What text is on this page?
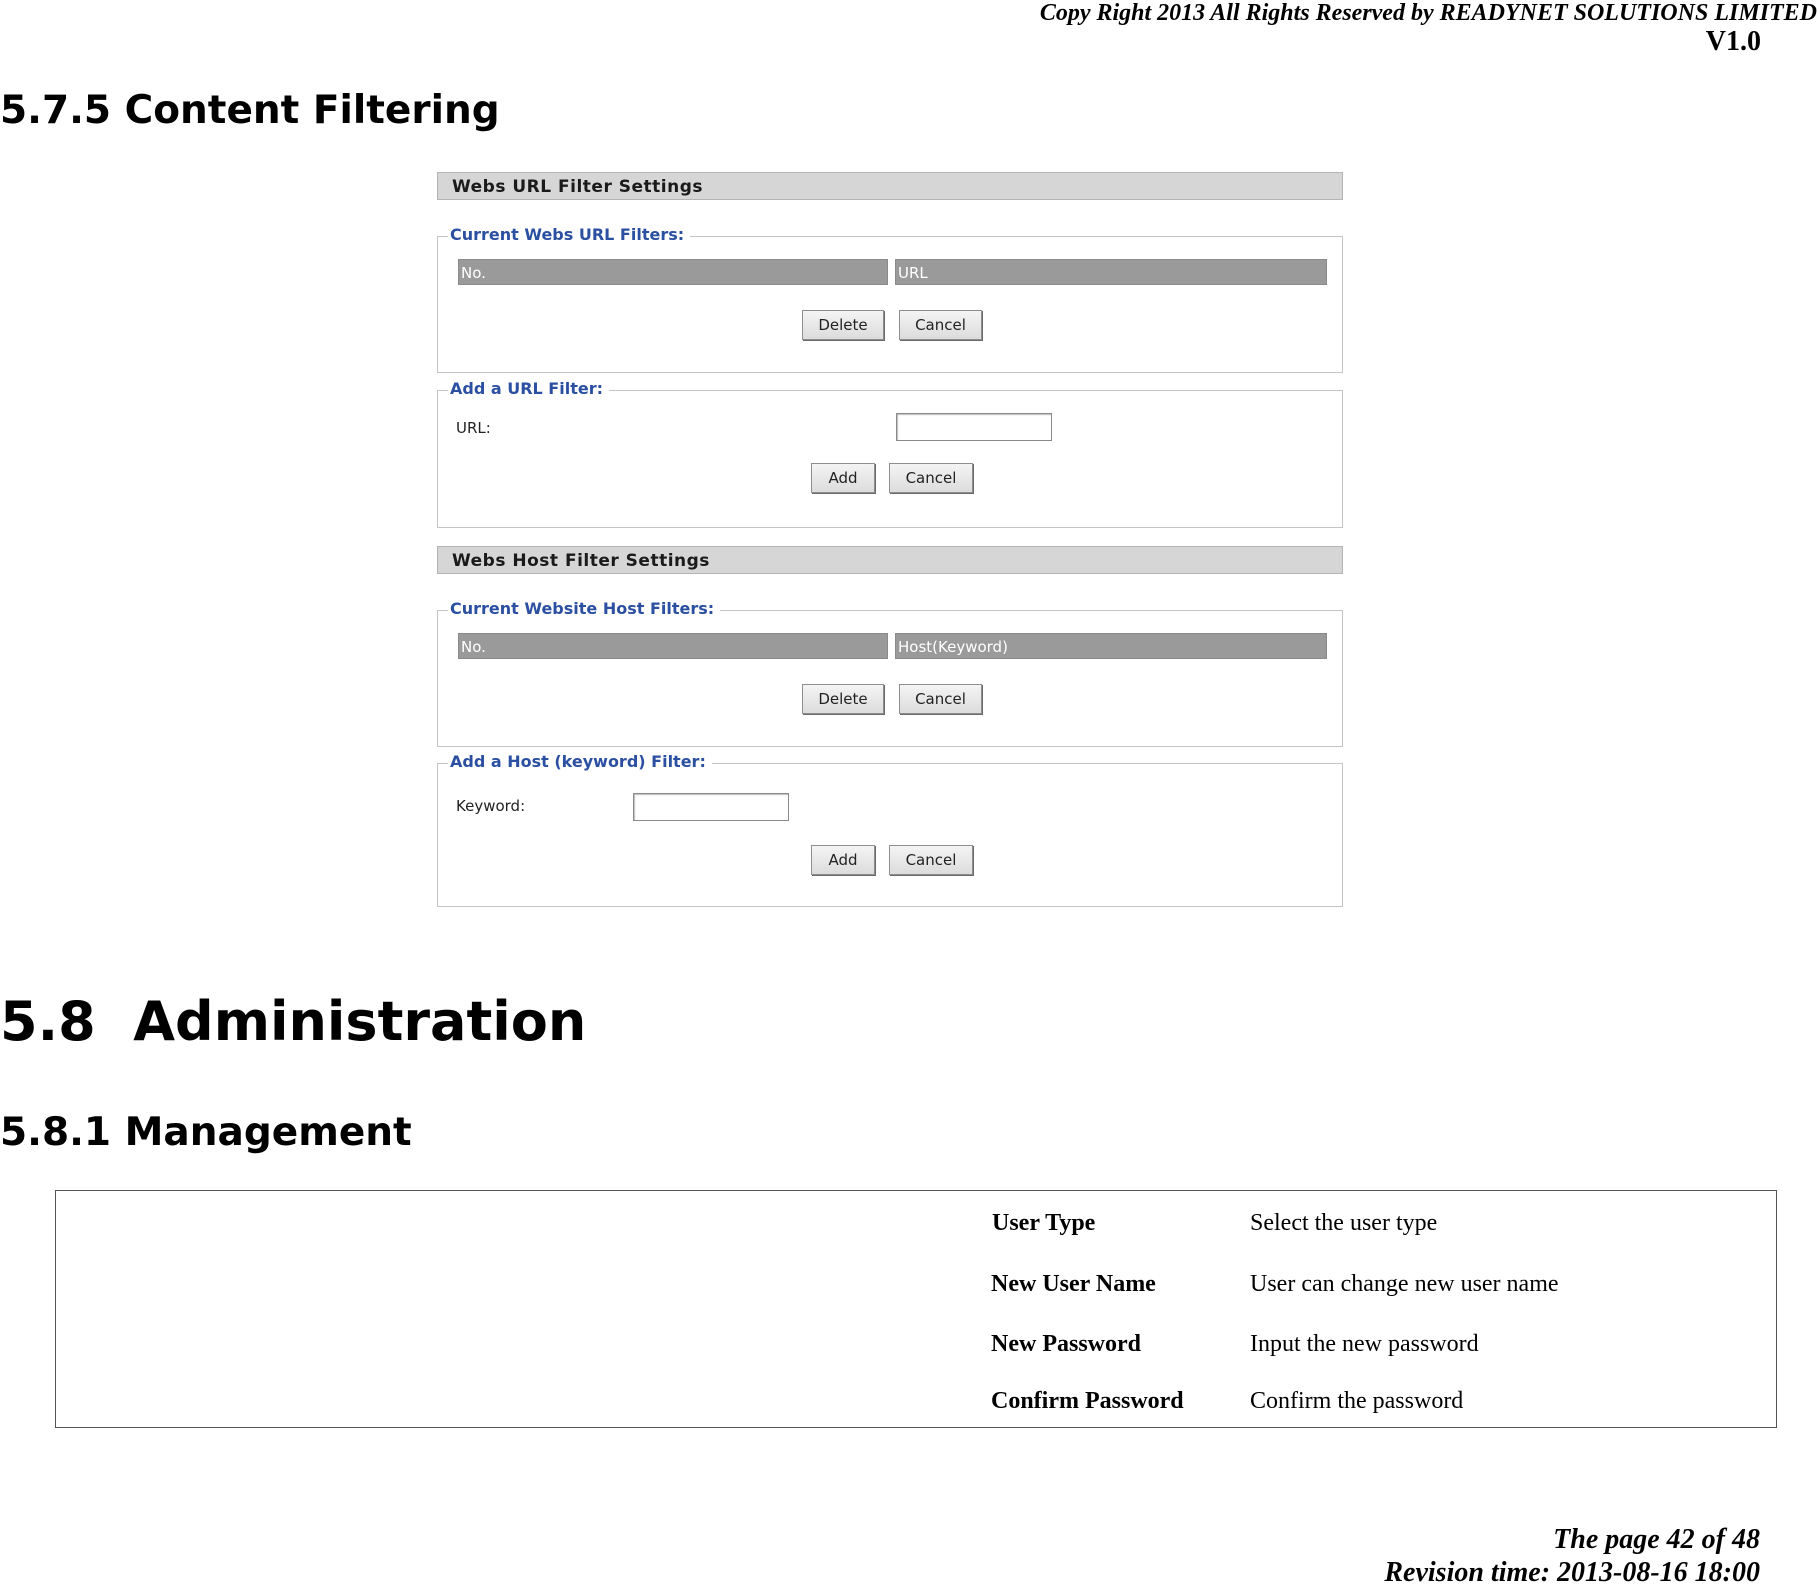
Copy Right 2013 All Rights Reserved by READYNET SOLUTIONS LIMITED
V1.0
5.7.5 Content Filtering
Webs URL Filter Settings
Current Webs URL Filters:
No.	URL
Delete	Cancel
Add a URL Filter:
URL:
Add	Cancel
Webs Host Filter Settings
Current Website Host Filters:
No.	Host(Keyword)
Delete	Cancel
Add a Host (keyword) Filter:
Keyword:
Add	Cancel
5.8  Administration
5.8.1 Management
User Type	Select the user type
New User Name	User can change new user name
New Password	Input the new password
Confirm Password	Confirm the password
The page 42 of 48
Revision time: 2013-08-16 18:00
